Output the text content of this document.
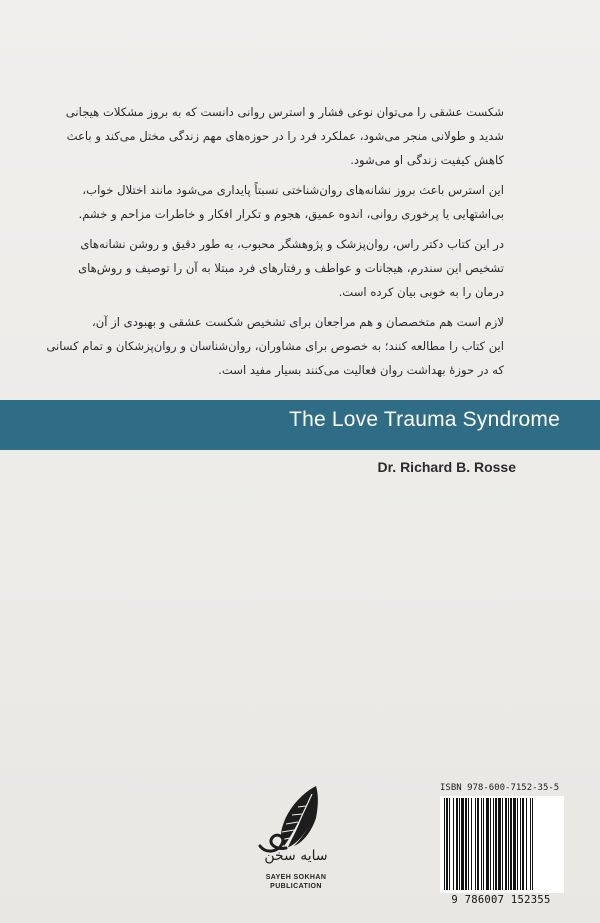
شکست عشقی را می‌توان نوعی فشار و استرس روانی دانست که به بروز مشکلات هیجانی
شدید و طولانی منجر می‌شود، عملکرد فرد را در حوزه‌های مهم زندگی مختل می‌کند و باعث
کاهش کیفیت زندگی او می‌شود.

این استرس باعث بروز نشانه‌های روان‌شناختی نسبتاً پایداری می‌شود مانند اختلال خواب،
بی‌اشتهایی یا پرخوری روانی، اندوه عمیق، هجوم و تکرار افکار و خاطرات مزاحم و خشم.

در این کتاب دکتر راس، روان‌پزشک و پژوهشگر محبوب، به طور دقیق و روشن نشانه‌های
تشخیص این سندرم، هیجانات و عواطف و رفتارهای فرد مبتلا به آن را توصیف و روش‌های
درمان را به خوبی بیان کرده است.

لازم است هم متخصصان و هم مراجعان برای تشخیص شکست عشقی و بهبودی از آن،
این کتاب را مطالعه کنند؛ به خصوص برای مشاوران، روان‌شناسان و روان‌پزشکان و تمام کسانی
که در حوزهٔ بهداشت روان فعالیت می‌کنند بسیار مفید است.

The Love Trauma Syndrome
Dr. Richard B. Rosse
سایه سخن
SAYEH SOKHAN
PUBLICATION
ISBN 978-600-7152-35-5
9 786007 152355
